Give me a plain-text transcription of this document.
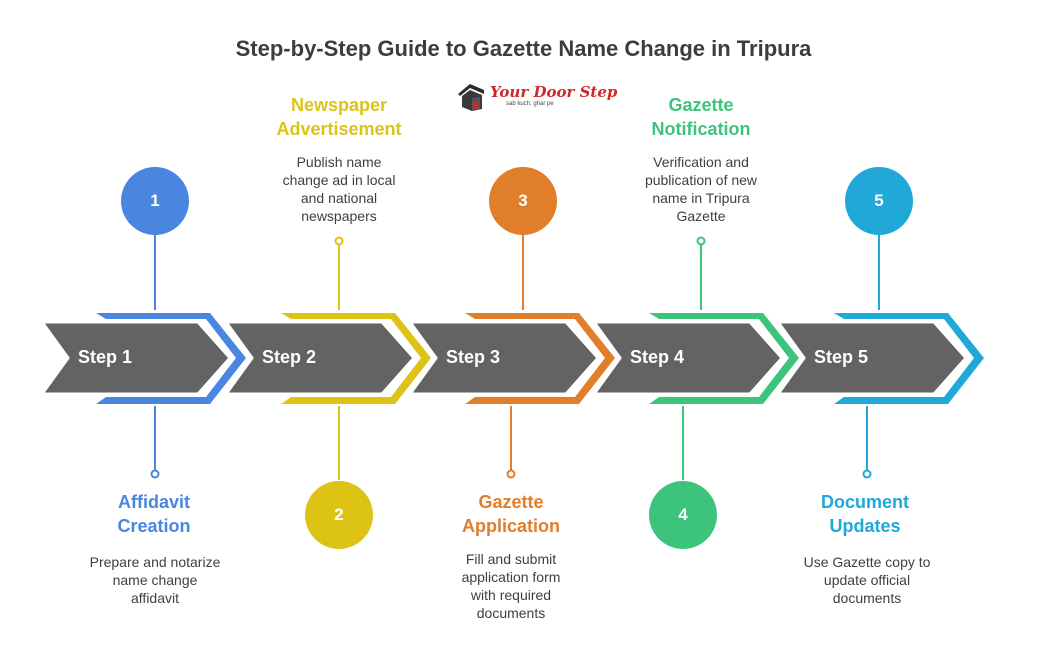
Step-by-Step Guide to Gazette Name Change in Tripura
Your Door Step
sab kuch, ghar pe
Step 1	Step 2	Step 3	Step 4	Step 5
1
2
3
4
5
Affidavit
Creation
Newspaper
Advertisement
Gazette
Application
Gazette
Notification
Document
Updates
Prepare and notarize
name change
affidavit
Publish name
change ad in local
and national
newspapers
Fill and submit
application form
with required
documents
Verification and
publication of new
name in Tripura
Gazette
Use Gazette copy to
update official
documents
